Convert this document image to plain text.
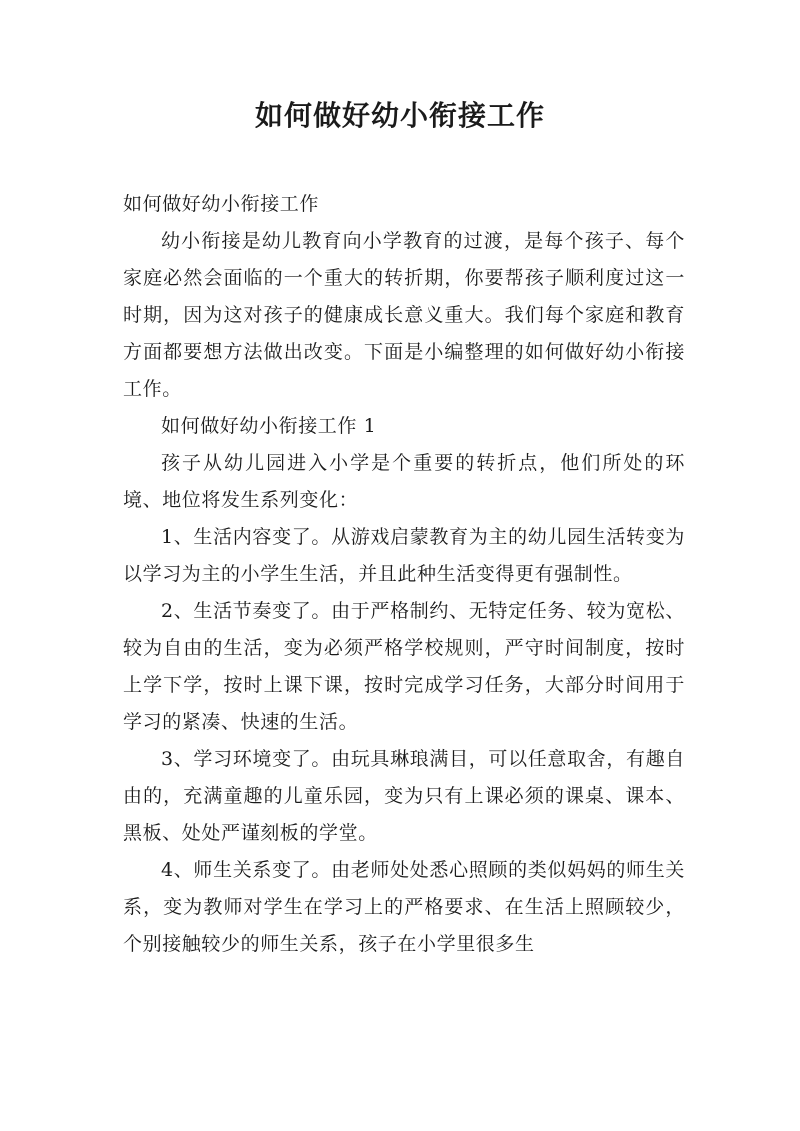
如何做好幼小衔接工作

如何做好幼小衔接工作

幼小衔接是幼儿教育向小学教育的过渡，是每个孩子、每个家庭必然会面临的一个重大的转折期，你要帮孩子顺利度过这一时期，因为这对孩子的健康成长意义重大。我们每个家庭和教育方面都要想方法做出改变。下面是小编整理的如何做好幼小衔接工作。

如何做好幼小衔接工作 1

孩子从幼儿园进入小学是个重要的转折点，他们所处的环境、地位将发生系列变化：

1、生活内容变了。从游戏启蒙教育为主的幼儿园生活转变为以学习为主的小学生生活，并且此种生活变得更有强制性。

2、生活节奏变了。由于严格制约、无特定任务、较为宽松、较为自由的生活，变为必须严格学校规则，严守时间制度，按时上学下学，按时上课下课，按时完成学习任务，大部分时间用于学习的紧凑、快速的生活。

3、学习环境变了。由玩具琳琅满目，可以任意取舍，有趣自由的，充满童趣的儿童乐园，变为只有上课必须的课桌、课本、黑板、处处严谨刻板的学堂。

4、师生关系变了。由老师处处悉心照顾的类似妈妈的师生关系，变为教师对学生在学习上的严格要求、在生活上照顾较少，个别接触较少的师生关系，孩子在小学里很多生
